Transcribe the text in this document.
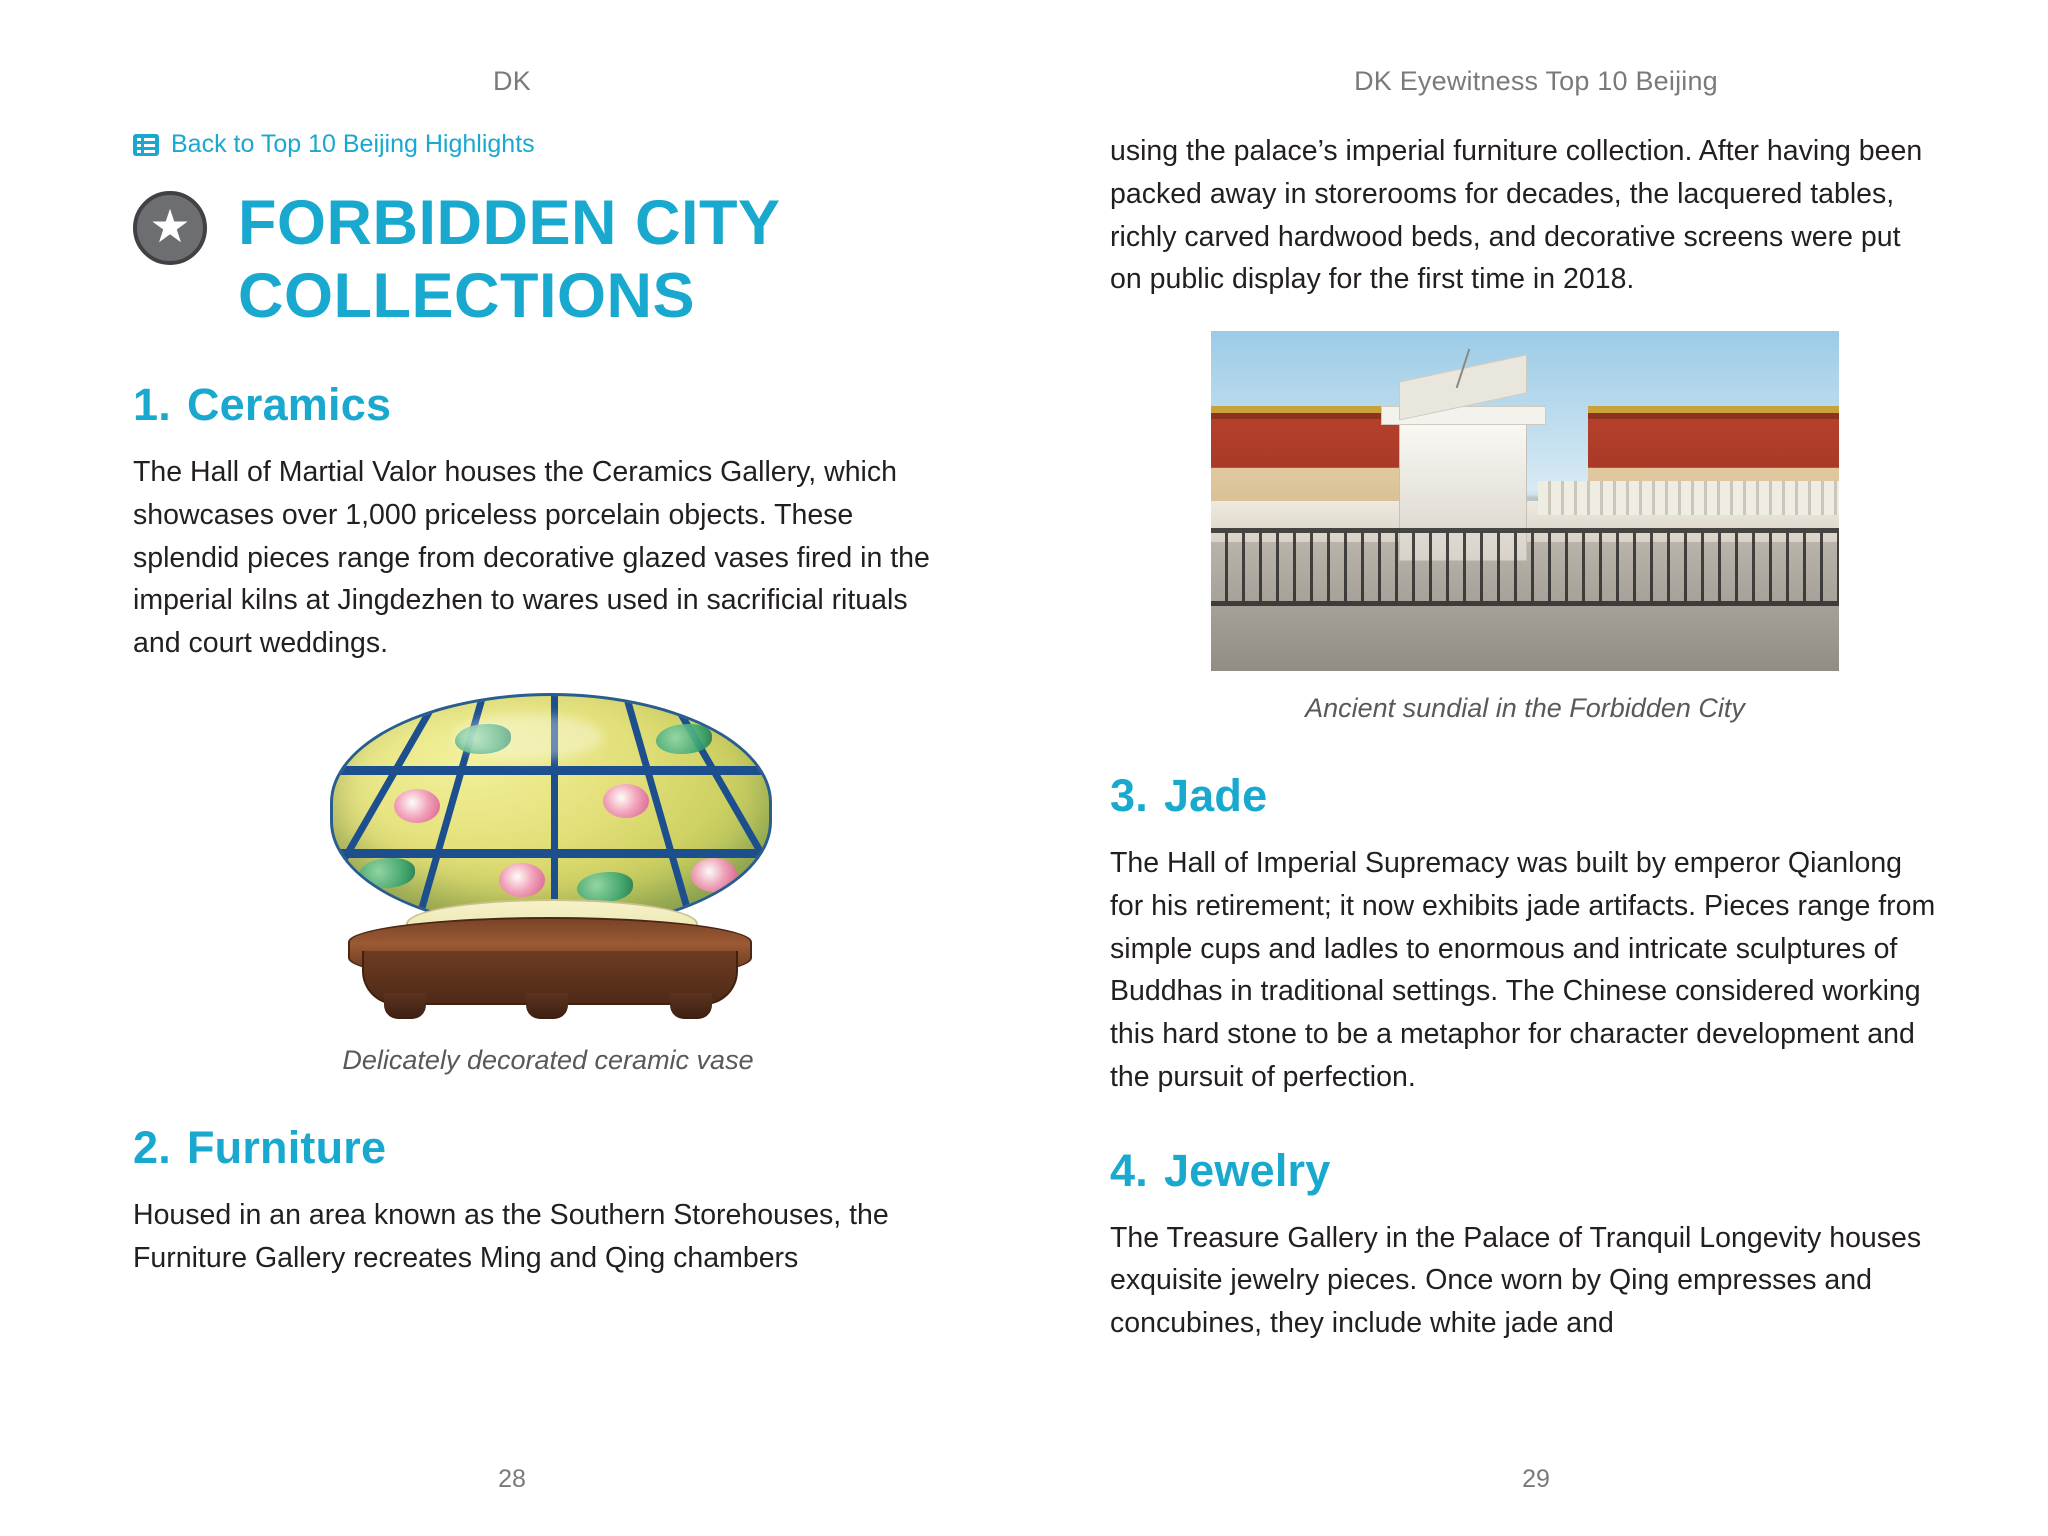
DK	DK Eyewitness Top 10 Beijing
Back to Top 10 Beijing Highlights
★ FORBIDDEN CITY COLLECTIONS
1. Ceramics

The Hall of Martial Valor houses the Ceramics Gallery, which showcases over 1,000 priceless porcelain objects. These splendid pieces range from decorative glazed vases fired in the imperial kilns at Jingdezhen to wares used in sacrificial rituals and court weddings.

Delicately decorated ceramic vase
2. Furniture

Housed in an area known as the Southern Storehouses, the Furniture Gallery recreates Ming and Qing chambers

using the palace’s imperial furniture collection. After having been packed away in storerooms for decades, the lacquered tables, richly carved hardwood beds, and decorative screens were put on public display for the first time in 2018.

Ancient sundial in the Forbidden City
3. Jade

The Hall of Imperial Supremacy was built by emperor Qianlong for his retirement; it now exhibits jade artifacts. Pieces range from simple cups and ladles to enormous and intricate sculptures of Buddhas in traditional settings. The Chinese considered working this hard stone to be a metaphor for character development and the pursuit of perfection.

4. Jewelry

The Treasure Gallery in the Palace of Tranquil Longevity houses exquisite jewelry pieces. Once worn by Qing empresses and concubines, they include white jade and

28	29
